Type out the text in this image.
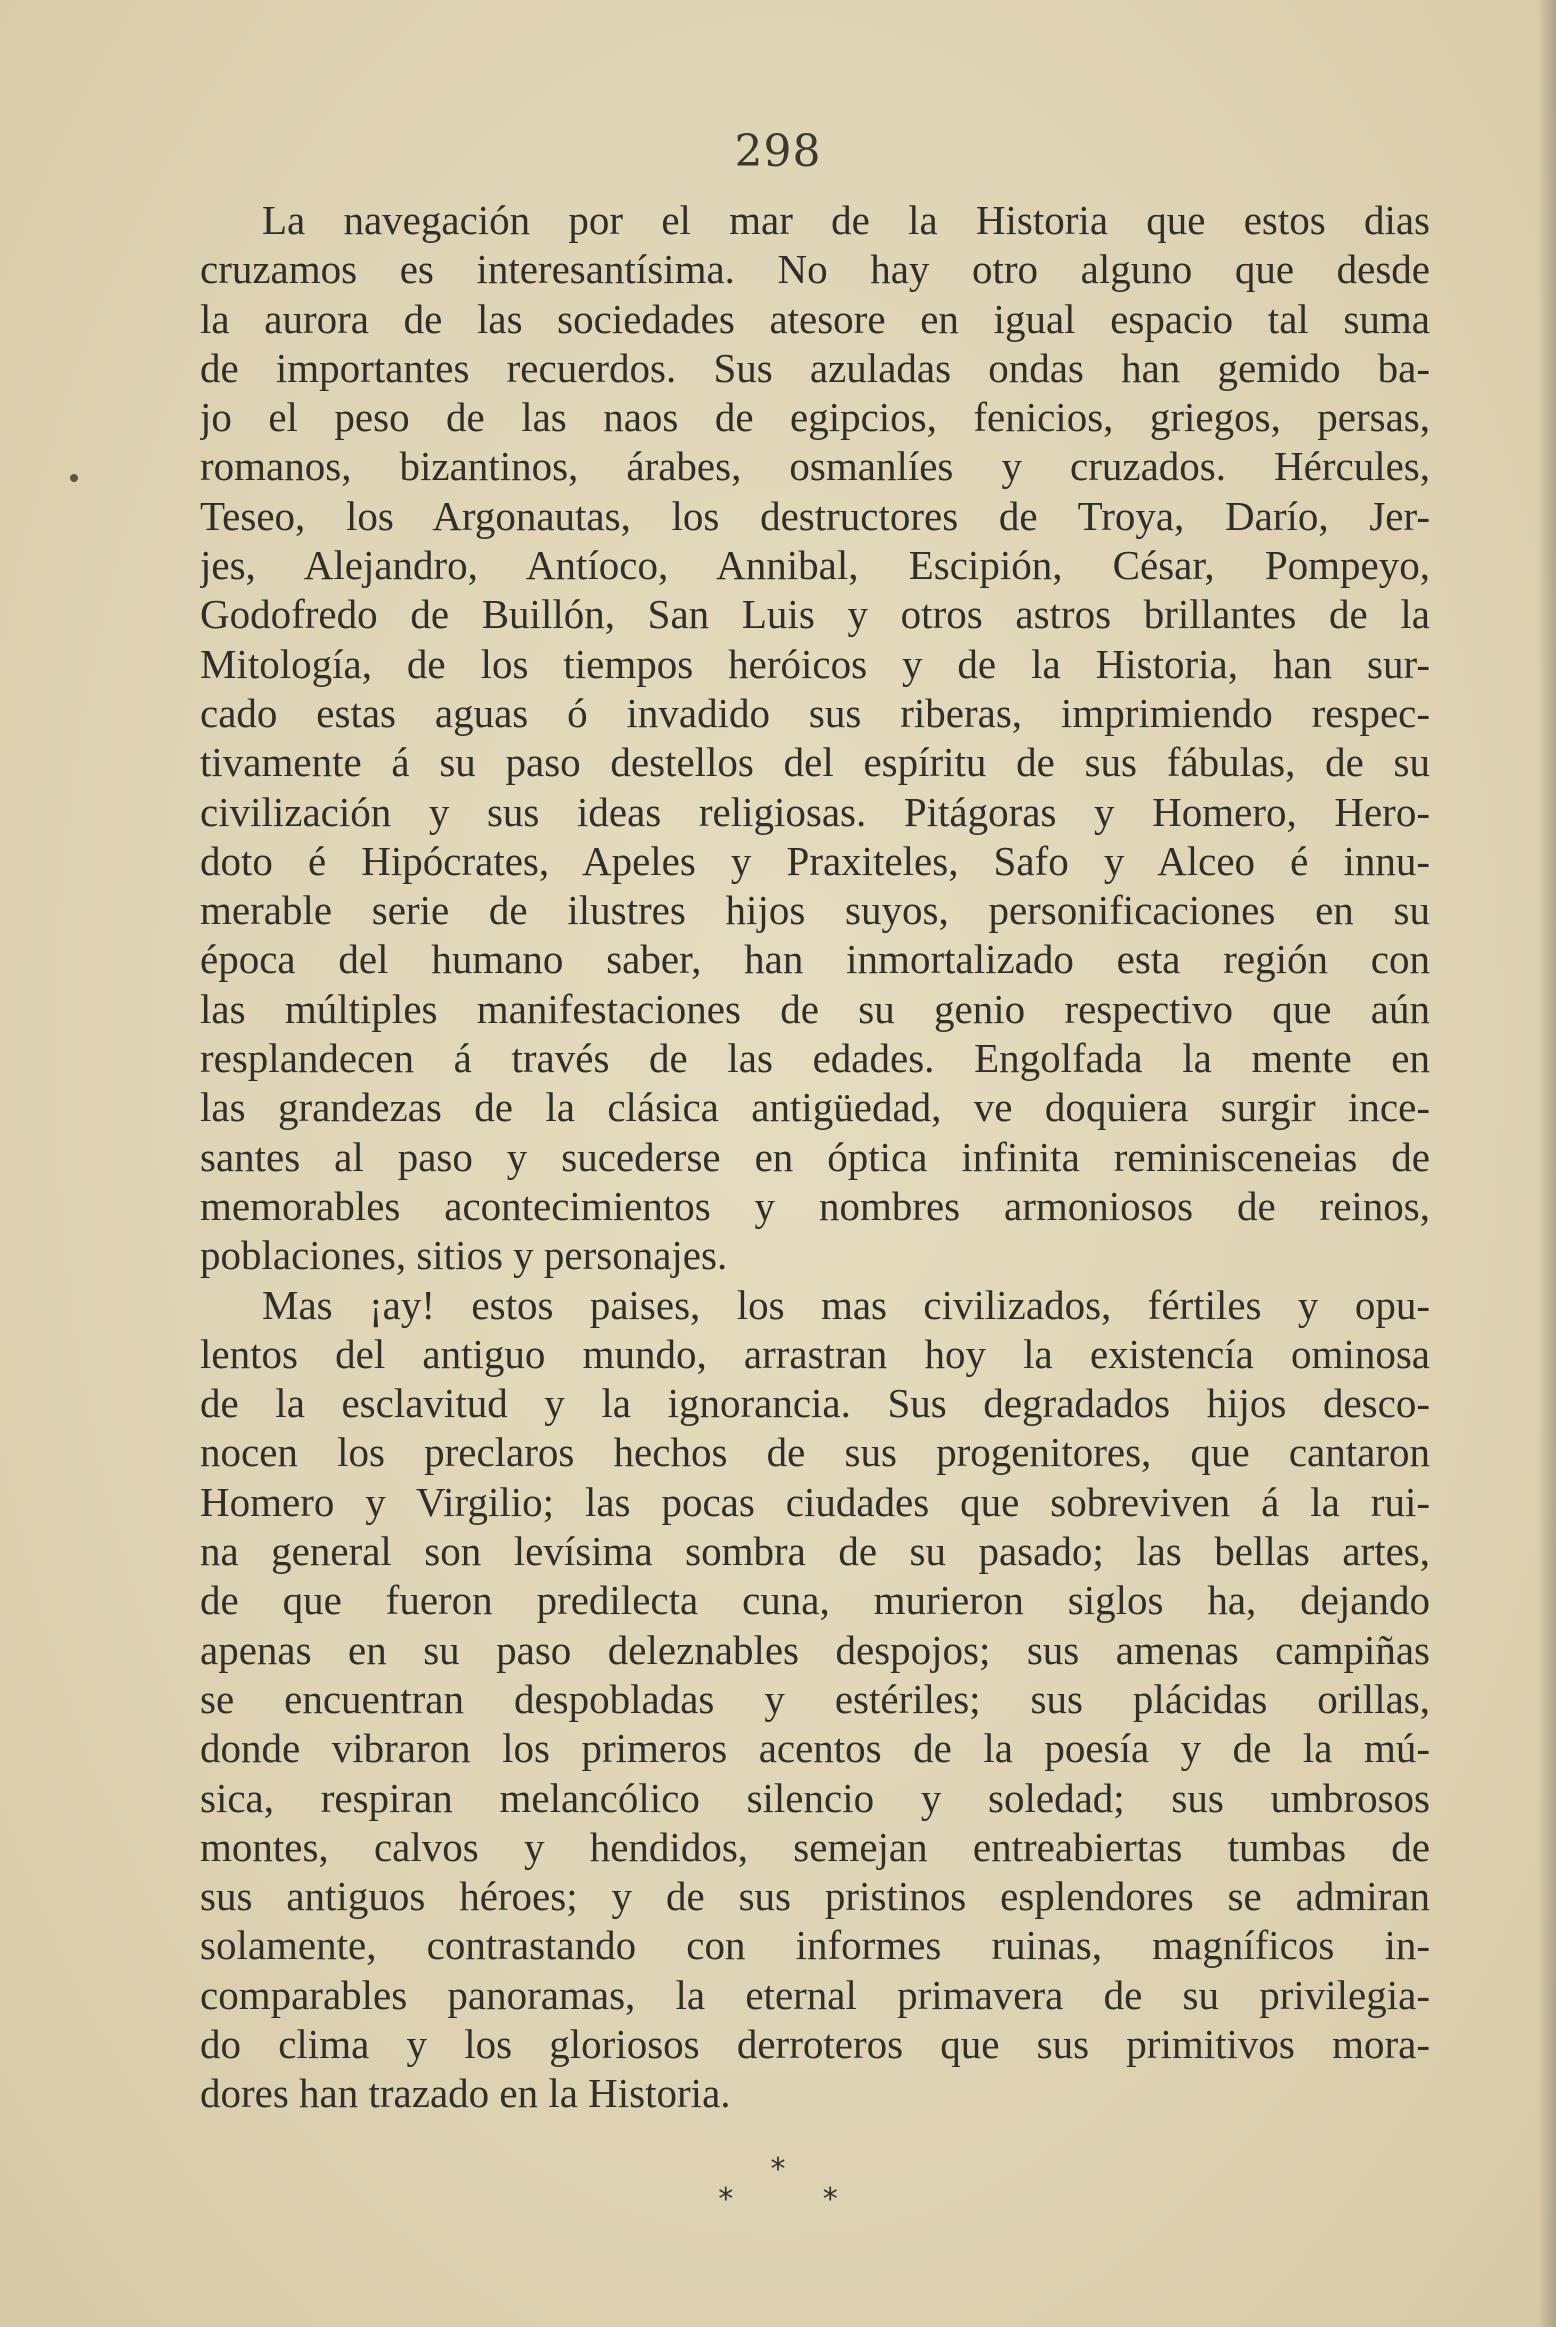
298
La navegación por el mar de la Historia que estos dias
cruzamos es interesantísima. No hay otro alguno que desde
la aurora de las sociedades atesore en igual espacio tal suma
de importantes recuerdos. Sus azuladas ondas han gemido ba-
jo el peso de las naos de egipcios, fenicios, griegos, persas,
romanos, bizantinos, árabes, osmanlíes y cruzados. Hércules,
Teseo, los Argonautas, los destructores de Troya, Darío, Jer-
jes, Alejandro, Antíoco, Annibal, Escipión, César, Pompeyo,
Godofredo de Buillón, San Luis y otros astros brillantes de la
Mitología, de los tiempos heróicos y de la Historia, han sur-
cado estas aguas ó invadido sus riberas, imprimiendo respec-
tivamente á su paso destellos del espíritu de sus fábulas, de su
civilización y sus ideas religiosas. Pitágoras y Homero, Hero-
doto é Hipócrates, Apeles y Praxiteles, Safo y Alceo é innu-
merable serie de ilustres hijos suyos, personificaciones en su
época del humano saber, han inmortalizado esta región con
las múltiples manifestaciones de su genio respectivo que aún
resplandecen á través de las edades. Engolfada la mente en
las grandezas de la clásica antigüedad, ve doquiera surgir ince-
santes al paso y sucederse en óptica infinita reminisceneias de
memorables acontecimientos y nombres armoniosos de reinos,
poblaciones, sitios y personajes.
Mas ¡ay! estos paises, los mas civilizados, fértiles y opu-
lentos del antiguo mundo, arrastran hoy la existencía ominosa
de la esclavitud y la ignorancia. Sus degradados hijos desco-
nocen los preclaros hechos de sus progenitores, que cantaron
Homero y Virgilio; las pocas ciudades que sobreviven á la rui-
na general son levísima sombra de su pasado; las bellas artes,
de que fueron predilecta cuna, murieron siglos ha, dejando
apenas en su paso deleznables despojos; sus amenas campiñas
se encuentran despobladas y estériles; sus plácidas orillas,
donde vibraron los primeros acentos de la poesía y de la mú-
sica, respiran melancólico silencio y soledad; sus umbrosos
montes, calvos y hendidos, semejan entreabiertas tumbas de
sus antiguos héroes; y de sus pristinos esplendores se admiran
solamente, contrastando con informes ruinas, magníficos in-
comparables panoramas, la eternal primavera de su privilegia-
do clima y los gloriosos derroteros que sus primitivos mora-
dores han trazado en la Historia.
*
* *
